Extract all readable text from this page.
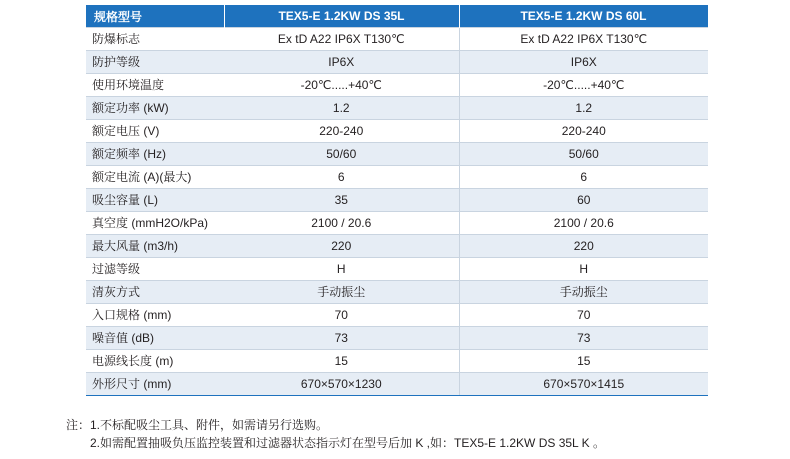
规格型号	TEX5-E 1.2KW DS 35L	TEX5-E 1.2KW DS 60L
防爆标志	Ex tD A22 IP6X T130℃	Ex tD A22 IP6X T130℃
防护等级	IP6X	IP6X
使用环境温度	-20℃.....+40℃	-20℃.....+40℃
额定功率 (kW)	1.2	1.2
额定电压 (V)	220-240	220-240
额定频率 (Hz)	50/60	50/60
额定电流 (A)(最大)	6	6
吸尘容量 (L)	35	60
真空度 (mmH2O/kPa)	2100 / 20.6	2100 / 20.6
最大风量 (m3/h)	220	220
过滤等级	H	H
清灰方式	手动振尘	手动振尘
入口规格 (mm)	70	70
噪音值 (dB)	73	73
电源线长度 (m)	15	15
外形尺寸 (mm)	670×570×1230	670×570×1415
注：1.不标配吸尘工具、附件，如需请另行选购。
2.如需配置抽吸负压监控装置和过滤器状态指示灯在型号后加 K ,如：TEX5-E 1.2KW DS 35L K 。
